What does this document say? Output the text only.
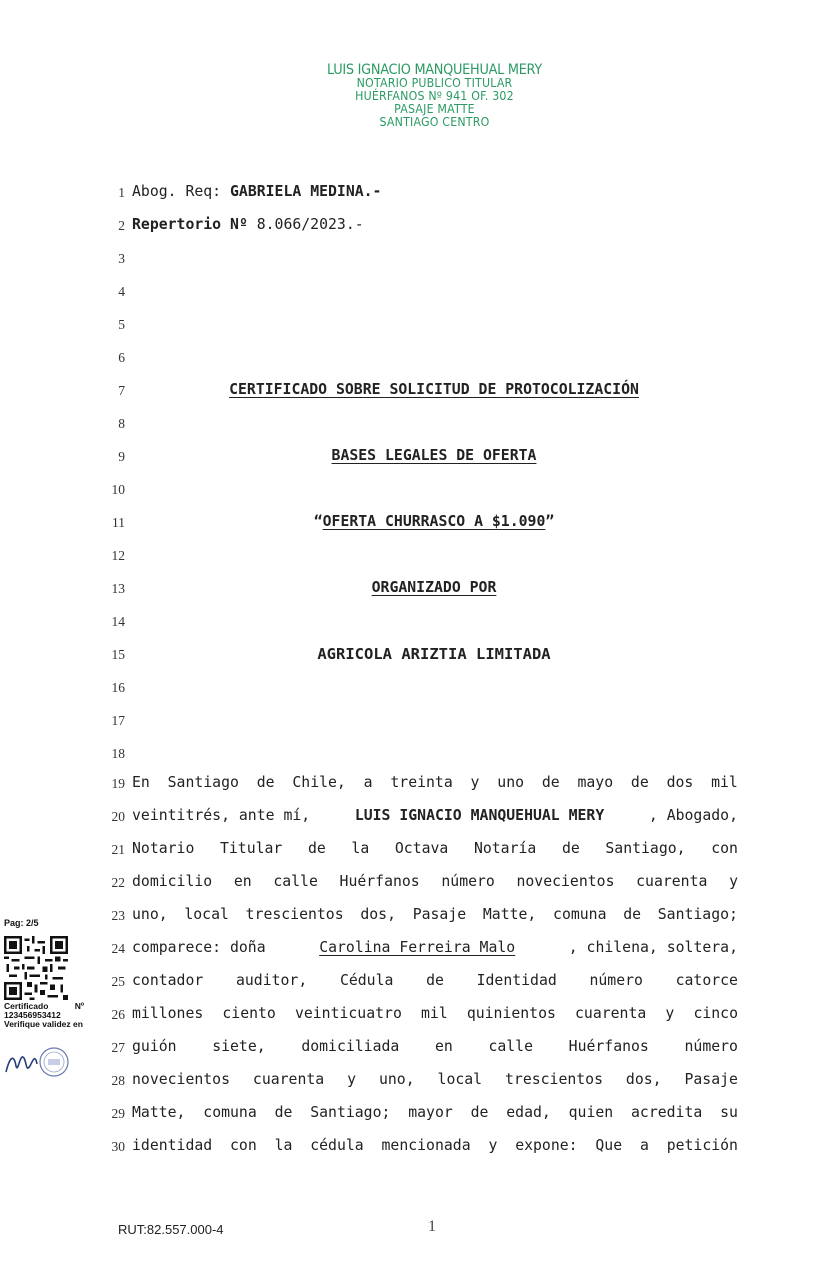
LUIS IGNACIO MANQUEHUAL MERY
NOTARIO PUBLICO TITULAR
HUÉRFANOS Nº 941 OF. 302
PASAJE MATTE
SANTIAGO CENTRO
1 Abog. Req: GABRIELA MEDINA.-
2 Repertorio Nº 8.066/2023.-
3
4
5
6
7	CERTIFICADO SOBRE SOLICITUD DE PROTOCOLIZACIÓN
8
9	BASES LEGALES DE OFERTA
10
11	“OFERTA CHURRASCO A $1.090”
12
13	ORGANIZADO POR
14
15	AGRICOLA ARIZTIA LIMITADA
16
17
18
19 En Santiago de Chile, a treinta y uno de mayo de dos mil
20 veintitrés, ante mí,	LUIS IGNACIO MANQUEHUAL MERY	, Abogado,
21 Notario Titular de la Octava Notaría de Santiago, con
22 domicilio en calle Huérfanos número novecientos cuarenta y
23 uno, local trescientos dos, Pasaje Matte, comuna de Santiago;
24 comparece: doña	Carolina Ferreira Malo	, chilena, soltera,
25 contador auditor, Cédula de Identidad número catorce
26 millones ciento veinticuatro mil quinientos cuarenta y cinco
27 guión siete, domiciliada en calle Huérfanos número
28 novecientos cuarenta y uno, local trescientos dos, Pasaje
29 Matte, comuna de Santiago; mayor de edad, quien acredita su
30 identidad con la cédula mencionada y expone: Que a petición
Pag: 2/5
Certificado	Nº
123456953412
Verifique validez en
RUT:82.557.000-4	1
